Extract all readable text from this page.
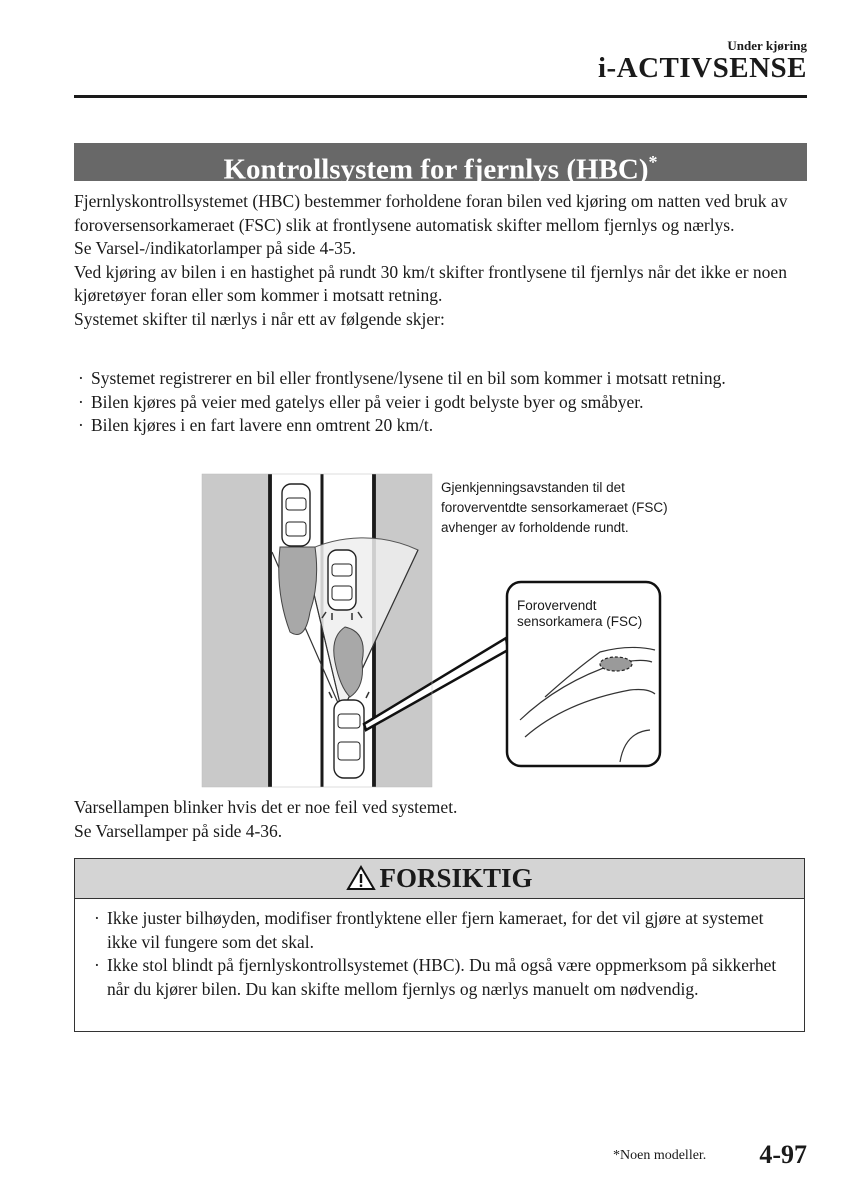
Under kjøring
i-ACTIVSENSE
Kontrollsystem for fjernlys (HBC)*

Fjernlyskontrollsystemet (HBC) bestemmer forholdene foran bilen ved kjøring om natten ved bruk av foroversensorkameraet (FSC) slik at frontlysene automatisk skifter mellom fjernlys og nærlys.

Se Varsel-/indikatorlamper på side 4-35.

Ved kjøring av bilen i en hastighet på rundt 30 km/t skifter frontlysene til fjernlys når det ikke er noen kjøretøyer foran eller som kommer i motsatt retning.

Systemet skifter til nærlys i når ett av følgende skjer:

· Systemet registrerer en bil eller frontlysene/lysene til en bil som kommer i motsatt retning.
· Bilen kjøres på veier med gatelys eller på veier i godt belyste byer og småbyer.
· Bilen kjøres i en fart lavere enn omtrent 20 km/t.
Gjenkjenningsavstanden til det foroverventdte sensorkameraet (FSC) avhenger av forholdende rundt.
Forovervendt sensorkamera (FSC)

Varsellampen blinker hvis det er noe feil ved systemet.

Se Varsellamper på side 4-36.

FORSIKTIG
· Ikke juster bilhøyden, modifiser frontlyktene eller fjern kameraet, for det vil gjøre at systemet ikke vil fungere som det skal.
· Ikke stol blindt på fjernlyskontrollsystemet (HBC). Du må også være oppmerksom på sikkerhet når du kjører bilen. Du kan skifte mellom fjernlys og nærlys manuelt om nødvendig.
*Noen modeller. 4-97
